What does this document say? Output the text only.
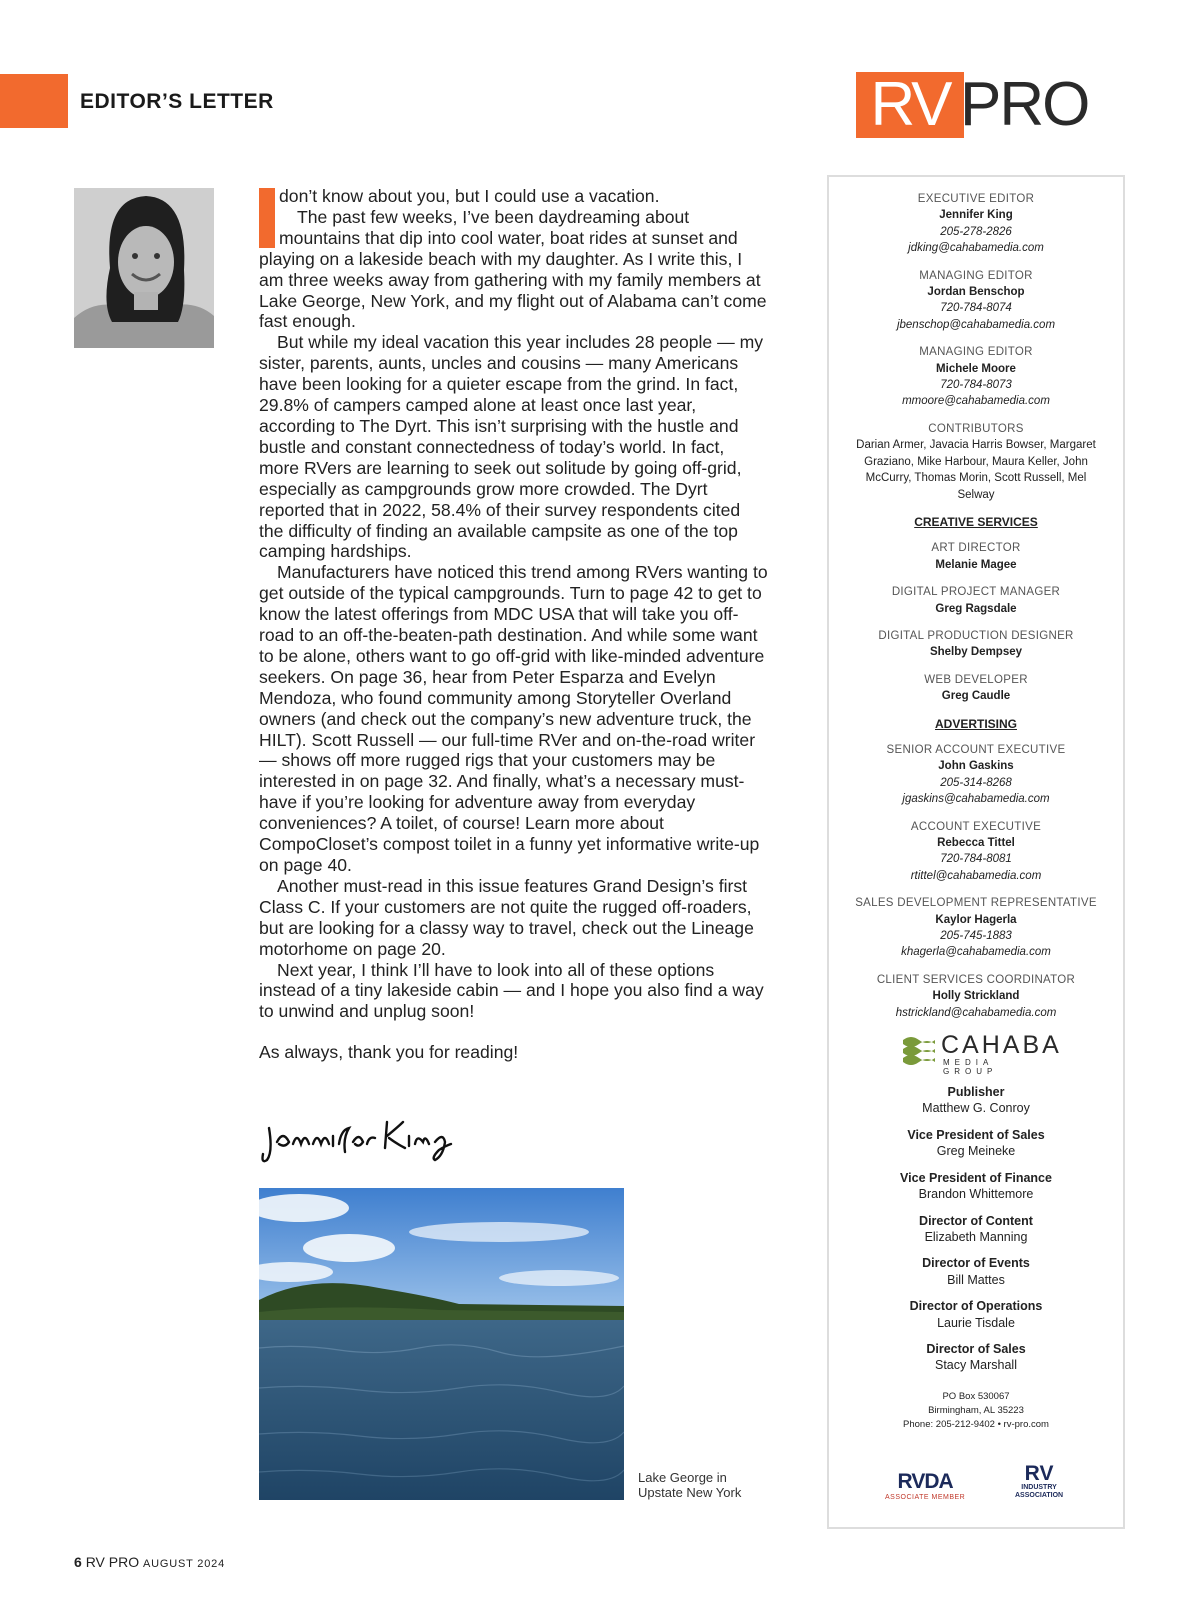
EDITOR’S LETTER	RV PRO

don’t know about you, but I could use a vacation.

The past few weeks, I’ve been daydreaming about mountains that dip into cool water, boat rides at sunset and playing on a lakeside beach with my daughter. As I write this, I am three weeks away from gathering with my family members at Lake George, New York, and my flight out of Alabama can’t come fast enough.

But while my ideal vacation this year includes 28 people — my sister, parents, aunts, uncles and cousins — many Americans have been looking for a quieter escape from the grind. In fact, 29.8% of campers camped alone at least once last year, according to The Dyrt. This isn’t surprising with the hustle and bustle and constant connectedness of today’s world. In fact, more RVers are learning to seek out solitude by going off-grid, especially as campgrounds grow more crowded. The Dyrt reported that in 2022, 58.4% of their survey respondents cited the difficulty of finding an available campsite as one of the top camping hardships.

Manufacturers have noticed this trend among RVers wanting to get outside of the typical campgrounds. Turn to page 42 to get to know the latest offerings from MDC USA that will take you off-road to an off-the-beaten-path destination. And while some want to be alone, others want to go off-grid with like-minded adventure seekers. On page 36, hear from Peter Esparza and Evelyn Mendoza, who found community among Storyteller Overland owners (and check out the company’s new adventure truck, the HILT). Scott Russell — our full-time RVer and on-the-road writer — shows off more rugged rigs that your customers may be interested in on page 32. And finally, what’s a necessary must-have if you’re looking for adventure away from everyday conveniences? A toilet, of course! Learn more about CompoCloset’s compost toilet in a funny yet informative write-up on page 40.

Another must-read in this issue features Grand Design’s first Class C. If your customers are not quite the rugged off-roaders, but are looking for a classy way to travel, check out the Lineage motorhome on page 20.

Next year, I think I’ll have to look into all of these options instead of a tiny lakeside cabin — and I hope you also find a way to unwind and unplug soon!

As always, thank you for reading!

Lake George in
Upstate New York
EXECUTIVE EDITOR
Jennifer King
205-278-2826
jdking@cahabamedia.com
MANAGING EDITOR
Jordan Benschop
720-784-8074
jbenschop@cahabamedia.com
MANAGING EDITOR
Michele Moore
720-784-8073
mmoore@cahabamedia.com
CONTRIBUTORS
Darian Armer, Javacia Harris Bowser, Margaret Graziano, Mike Harbour, Maura Keller, John McCurry, Thomas Morin, Scott Russell, Mel Selway
CREATIVE SERVICES
ART DIRECTOR
Melanie Magee
DIGITAL PROJECT MANAGER
Greg Ragsdale
DIGITAL PRODUCTION DESIGNER
Shelby Dempsey
WEB DEVELOPER
Greg Caudle
ADVERTISING
SENIOR ACCOUNT EXECUTIVE
John Gaskins
205-314-8268
jgaskins@cahabamedia.com
ACCOUNT EXECUTIVE
Rebecca Tittel
720-784-8081
rtittel@cahabamedia.com
SALES DEVELOPMENT REPRESENTATIVE
Kaylor Hagerla
205-745-1883
khagerla@cahabamedia.com
CLIENT SERVICES COORDINATOR
Holly Strickland
hstrickland@cahabamedia.com
CAHABA
MEDIA GROUP
Publisher
Matthew G. Conroy
Vice President of Sales
Greg Meineke
Vice President of Finance
Brandon Whittemore
Director of Content
Elizabeth Manning
Director of Events
Bill Mattes
Director of Operations
Laurie Tisdale
Director of Sales
Stacy Marshall
PO Box 530067
Birmingham, AL 35223
Phone: 205-212-9402 • rv-pro.com
RVDA
ASSOCIATE MEMBER
RV
INDUSTRY
ASSOCIATION
6 RV PRO AUGUST 2024
